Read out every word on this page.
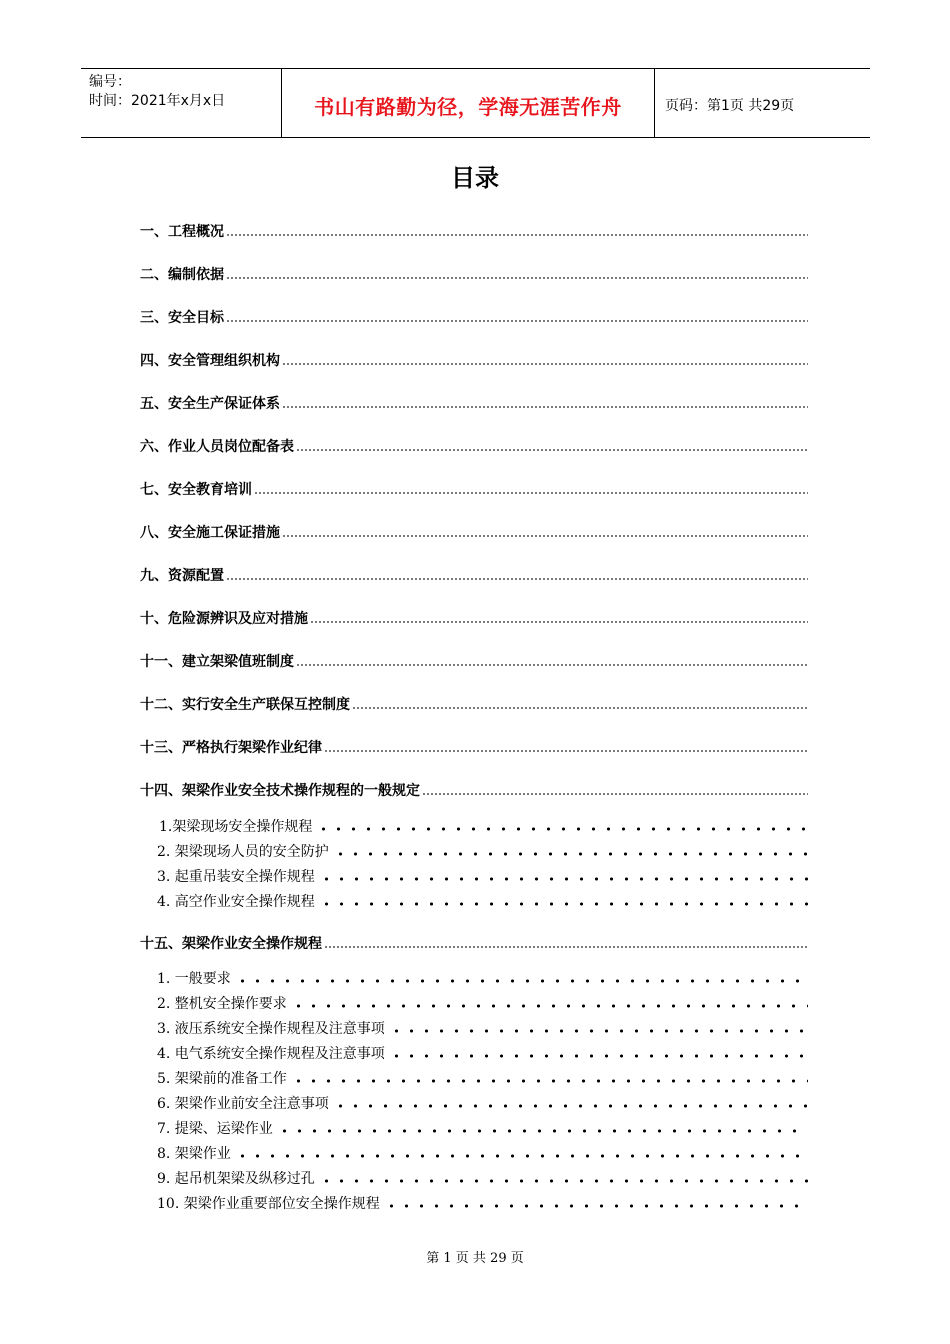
编号：
时间：2021年x月x日	书山有路勤为径，学海无涯苦作舟	页码：第1页 共29页
目录
一、工程概况
二、编制依据
三、安全目标
四、安全管理组织机构
五、安全生产保证体系
六、作业人员岗位配备表
七、安全教育培训
八、安全施工保证措施
九、资源配置
十、危险源辨识及应对措施
十一、建立架梁值班制度
十二、实行安全生产联保互控制度
十三、严格执行架梁作业纪律
十四、架梁作业安全技术操作规程的一般规定
1.架梁现场安全操作规程
2. 架梁现场人员的安全防护
3. 起重吊装安全操作规程
4. 高空作业安全操作规程
十五、架梁作业安全操作规程
1. 一般要求
2. 整机安全操作要求
3. 液压系统安全操作规程及注意事项
4. 电气系统安全操作规程及注意事项
5. 架梁前的准备工作
6. 架梁作业前安全注意事项
7. 提梁、运梁作业
8. 架梁作业
9. 起吊机架梁及纵移过孔
10. 架梁作业重要部位安全操作规程
第 1 页 共 29 页
